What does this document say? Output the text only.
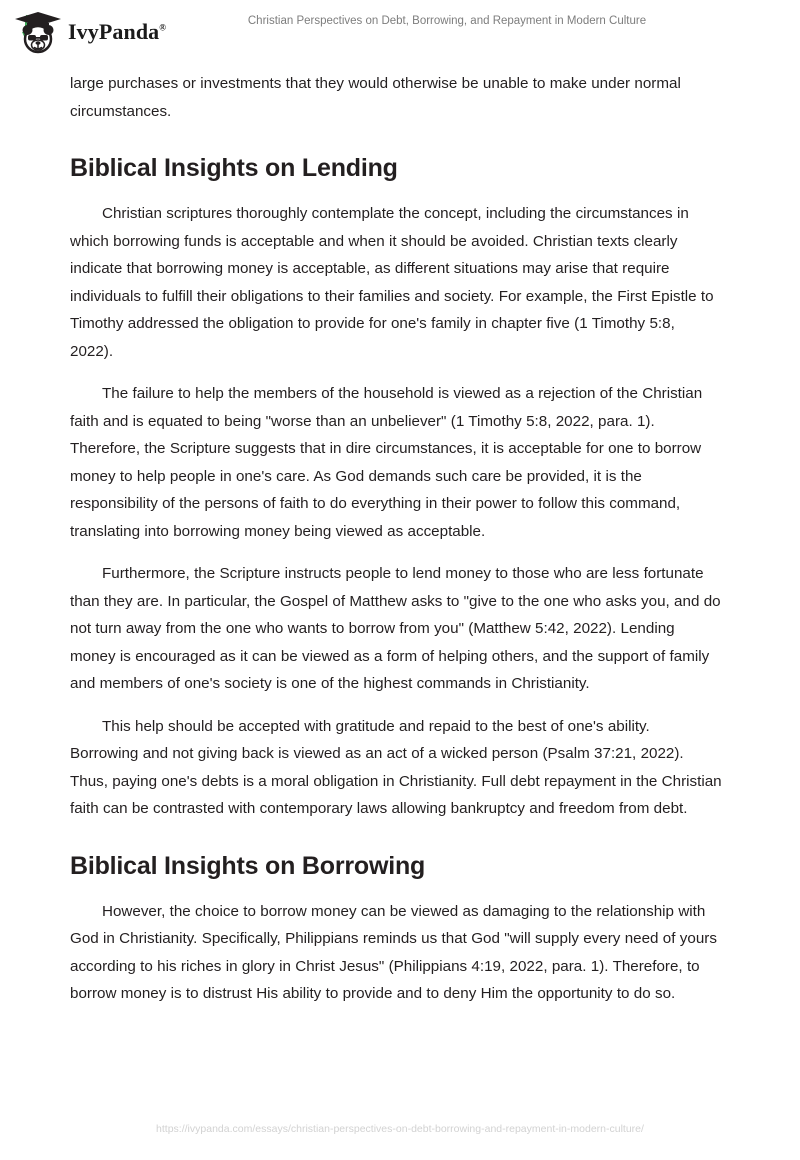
IvyPanda®
Christian Perspectives on Debt, Borrowing, and Repayment in Modern Culture

large purchases or investments that they would otherwise be unable to make under normal circumstances.

Biblical Insights on Lending

Christian scriptures thoroughly contemplate the concept, including the circumstances in which borrowing funds is acceptable and when it should be avoided. Christian texts clearly indicate that borrowing money is acceptable, as different situations may arise that require individuals to fulfill their obligations to their families and society. For example, the First Epistle to Timothy addressed the obligation to provide for one's family in chapter five (1 Timothy 5:8, 2022).

The failure to help the members of the household is viewed as a rejection of the Christian faith and is equated to being "worse than an unbeliever" (1 Timothy 5:8, 2022, para. 1). Therefore, the Scripture suggests that in dire circumstances, it is acceptable for one to borrow money to help people in one's care. As God demands such care be provided, it is the responsibility of the persons of faith to do everything in their power to follow this command, translating into borrowing money being viewed as acceptable.

Furthermore, the Scripture instructs people to lend money to those who are less fortunate than they are. In particular, the Gospel of Matthew asks to "give to the one who asks you, and do not turn away from the one who wants to borrow from you" (Matthew 5:42, 2022). Lending money is encouraged as it can be viewed as a form of helping others, and the support of family and members of one's society is one of the highest commands in Christianity.

This help should be accepted with gratitude and repaid to the best of one's ability. Borrowing and not giving back is viewed as an act of a wicked person (Psalm 37:21, 2022). Thus, paying one's debts is a moral obligation in Christianity. Full debt repayment in the Christian faith can be contrasted with contemporary laws allowing bankruptcy and freedom from debt.

Biblical Insights on Borrowing

However, the choice to borrow money can be viewed as damaging to the relationship with God in Christianity. Specifically, Philippians reminds us that God "will supply every need of yours according to his riches in glory in Christ Jesus" (Philippians 4:19, 2022, para. 1). Therefore, to borrow money is to distrust His ability to provide and to deny Him the opportunity to do so.

https://ivypanda.com/essays/christian-perspectives-on-debt-borrowing-and-repayment-in-modern-culture/
